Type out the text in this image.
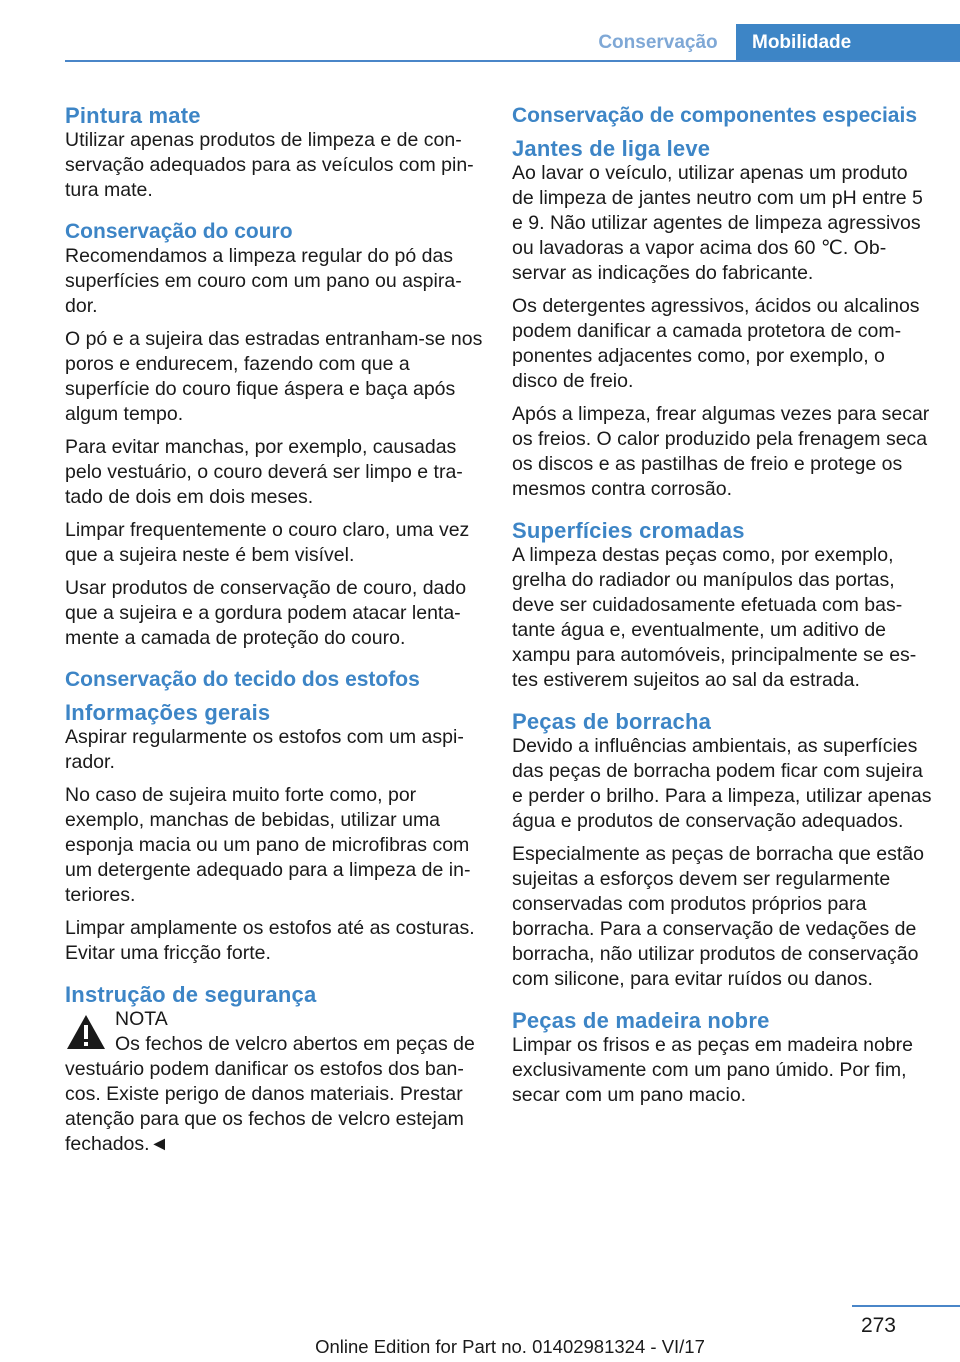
Conservação	Mobilidade
Pintura mate

Utilizar apenas produtos de limpeza e de conservação adequados para as veículos com pintura mate.

Conservação do couro

Recomendamos a limpeza regular do pó das superfícies em couro com um pano ou aspirador.

O pó e a sujeira das estradas entranham-se nos poros e endurecem, fazendo com que a superfície do couro fique áspera e baça após algum tempo.

Para evitar manchas, por exemplo, causadas pelo vestuário, o couro deverá ser limpo e tratado de dois em dois meses.

Limpar frequentemente o couro claro, uma vez que a sujeira neste é bem visível.

Usar produtos de conservação de couro, dado que a sujeira e a gordura podem atacar lentamente a camada de proteção do couro.

Conservação do tecido dos estofos
Informações gerais

Aspirar regularmente os estofos com um aspirador.

No caso de sujeira muito forte como, por exemplo, manchas de bebidas, utilizar uma esponja macia ou um pano de microfibras com um detergente adequado para a limpeza de interiores.

Limpar amplamente os estofos até as costuras. Evitar uma fricção forte.

Instrução de segurança

NOTA

Os fechos de velcro abertos em peças de vestuário podem danificar os estofos dos bancos. Existe perigo de danos materiais. Prestar atenção para que os fechos de velcro estejam fechados.◄

Conservação de componentes especiais
Jantes de liga leve

Ao lavar o veículo, utilizar apenas um produto de limpeza de jantes neutro com um pH entre 5 e 9. Não utilizar agentes de limpeza agressivos ou lavadoras a vapor acima dos 60 ℃. Observar as indicações do fabricante.

Os detergentes agressivos, ácidos ou alcalinos podem danificar a camada protetora de componentes adjacentes como, por exemplo, o disco de freio.

Após a limpeza, frear algumas vezes para secar os freios. O calor produzido pela frenagem seca os discos e as pastilhas de freio e protege os mesmos contra corrosão.

Superfícies cromadas

A limpeza destas peças como, por exemplo, grelha do radiador ou manípulos das portas, deve ser cuidadosamente efetuada com bastante água e, eventualmente, um aditivo de xampu para automóveis, principalmente se estes estiverem sujeitos ao sal da estrada.

Peças de borracha

Devido a influências ambientais, as superfícies das peças de borracha podem ficar com sujeira e perder o brilho. Para a limpeza, utilizar apenas água e produtos de conservação adequados.

Especialmente as peças de borracha que estão sujeitas a esforços devem ser regularmente conservadas com produtos próprios para borracha. Para a conservação de vedações de borracha, não utilizar produtos de conservação com silicone, para evitar ruídos ou danos.

Peças de madeira nobre

Limpar os frisos e as peças em madeira nobre exclusivamente com um pano úmido. Por fim, secar com um pano macio.

273
Online Edition for Part no. 01402981324 - VI/17
